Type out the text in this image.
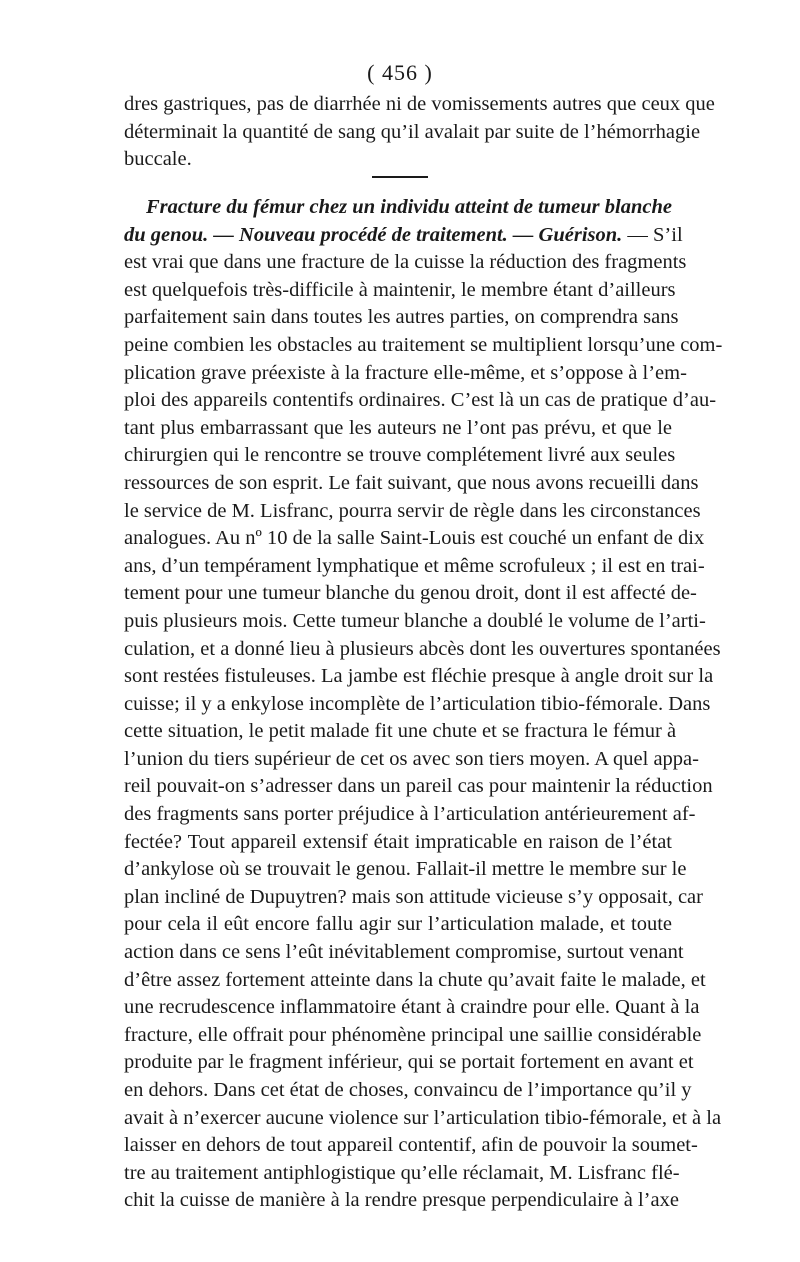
( 456 )
dres gastriques, pas de diarrhée ni de vomissements autres que ceux que
déterminait la quantité de sang qu’il avalait par suite de l’hémorrhagie
buccale.
Fracture du fémur chez un individu atteint de tumeur blanche
du genou. — Nouveau procédé de traitement. — Guérison. — S’il
est vrai que dans une fracture de la cuisse la réduction des fragments
est quelquefois très-difficile à maintenir, le membre étant d’ailleurs
parfaitement sain dans toutes les autres parties, on comprendra sans
peine combien les obstacles au traitement se multiplient lorsqu’une com-
plication grave préexiste à la fracture elle-même, et s’oppose à l’em-
ploi des appareils contentifs ordinaires. C’est là un cas de pratique d’au-
tant plus embarrassant que les auteurs ne l’ont pas prévu, et que le
chirurgien qui le rencontre se trouve complétement livré aux seules
ressources de son esprit. Le fait suivant, que nous avons recueilli dans
le service de M. Lisfranc, pourra servir de règle dans les circonstances
analogues. Au nº 10 de la salle Saint-Louis est couché un enfant de dix
ans, d’un tempérament lymphatique et même scrofuleux ; il est en trai-
tement pour une tumeur blanche du genou droit, dont il est affecté de-
puis plusieurs mois. Cette tumeur blanche a doublé le volume de l’arti-
culation, et a donné lieu à plusieurs abcès dont les ouvertures spontanées
sont restées fistuleuses. La jambe est fléchie presque à angle droit sur la
cuisse; il y a enkylose incomplète de l’articulation tibio-fémorale. Dans
cette situation, le petit malade fit une chute et se fractura le fémur à
l’union du tiers supérieur de cet os avec son tiers moyen. A quel appa-
reil pouvait-on s’adresser dans un pareil cas pour maintenir la réduction
des fragments sans porter préjudice à l’articulation antérieurement af-
fectée? Tout appareil extensif était impraticable en raison de l’état
d’ankylose où se trouvait le genou. Fallait-il mettre le membre sur le
plan incliné de Dupuytren? mais son attitude vicieuse s’y opposait, car
pour cela il eût encore fallu agir sur l’articulation malade, et toute
action dans ce sens l’eût inévitablement compromise, surtout venant
d’être assez fortement atteinte dans la chute qu’avait faite le malade, et
une recrudescence inflammatoire étant à craindre pour elle. Quant à la
fracture, elle offrait pour phénomène principal une saillie considérable
produite par le fragment inférieur, qui se portait fortement en avant et
en dehors. Dans cet état de choses, convaincu de l’importance qu’il y
avait à n’exercer aucune violence sur l’articulation tibio-fémorale, et à la
laisser en dehors de tout appareil contentif, afin de pouvoir la soumet-
tre au traitement antiphlogistique qu’elle réclamait, M. Lisfranc flé-
chit la cuisse de manière à la rendre presque perpendiculaire à l’axe
